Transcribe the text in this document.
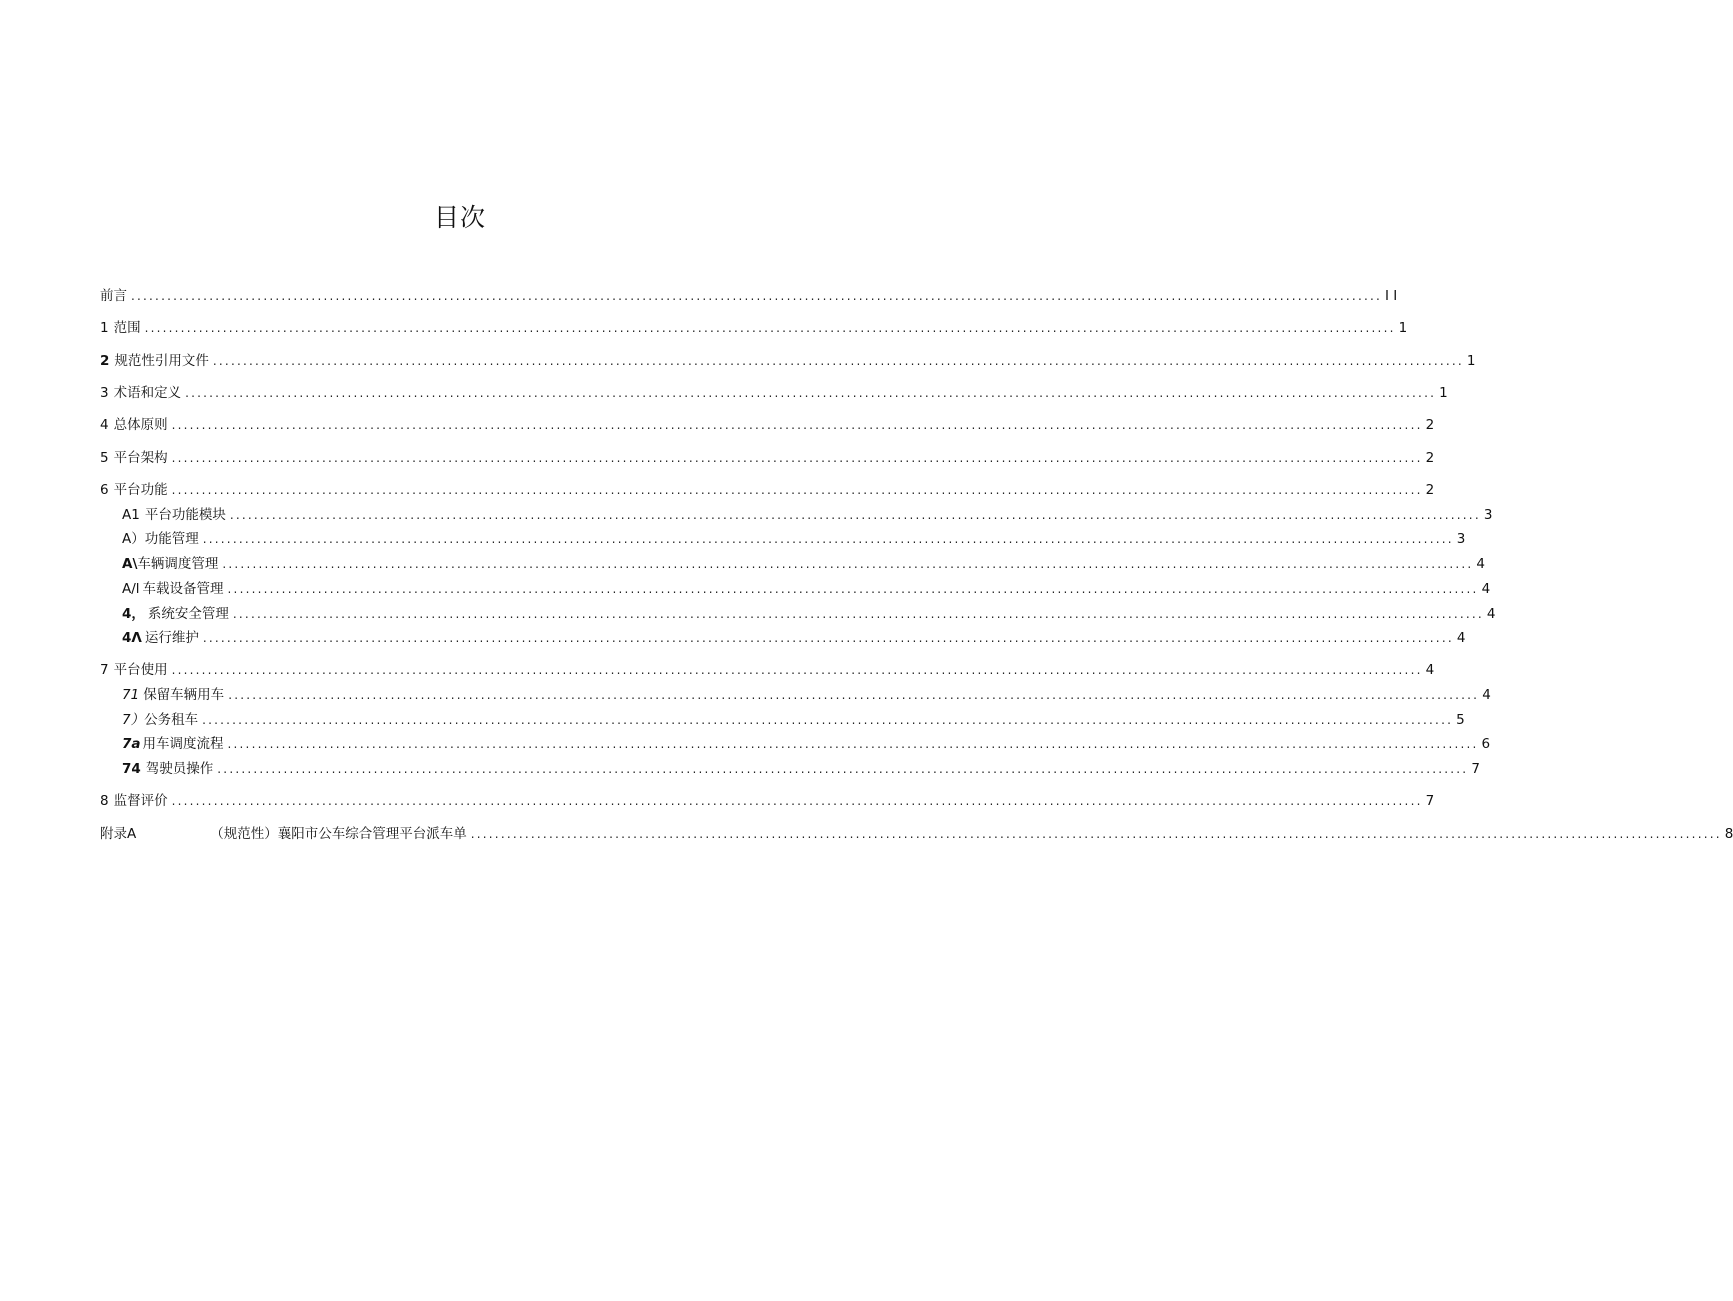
目次
前言 ................................................................................................................................................................................................................ I I
1 范围 ................................................................................................................................................................................................................ 1
2 规范性引用文件 ................................................................................................................................................................................................................ 1
3 术语和定义 ................................................................................................................................................................................................................ 1
4 总体原则 ................................................................................................................................................................................................................ 2
5 平台架构 ................................................................................................................................................................................................................ 2
6 平台功能 ................................................................................................................................................................................................................ 2
A1 平台功能模块 ................................................................................................................................................................................................................ 3
A） 功能管理 ................................................................................................................................................................................................................ 3
A\ 车辆调度管理 ................................................................................................................................................................................................................ 4
A/l 车载设备管理 ................................................................................................................................................................................................................ 4
4， 系统安全管理 ................................................................................................................................................................................................................ 4
4Λ 运行维护 ................................................................................................................................................................................................................ 4
7 平台使用 ................................................................................................................................................................................................................ 4
71 保留车辆用车 ................................................................................................................................................................................................................ 4
7） 公务租车 ................................................................................................................................................................................................................ 5
7a 用车调度流程 ................................................................................................................................................................................................................ 6
74 驾驶员操作 ................................................................................................................................................................................................................ 7
8 监督评价 ................................................................................................................................................................................................................ 7
附录A	（规范性）襄阳市公车综合管理平台派车单 ................................................................................................................................................................................................................ 8
